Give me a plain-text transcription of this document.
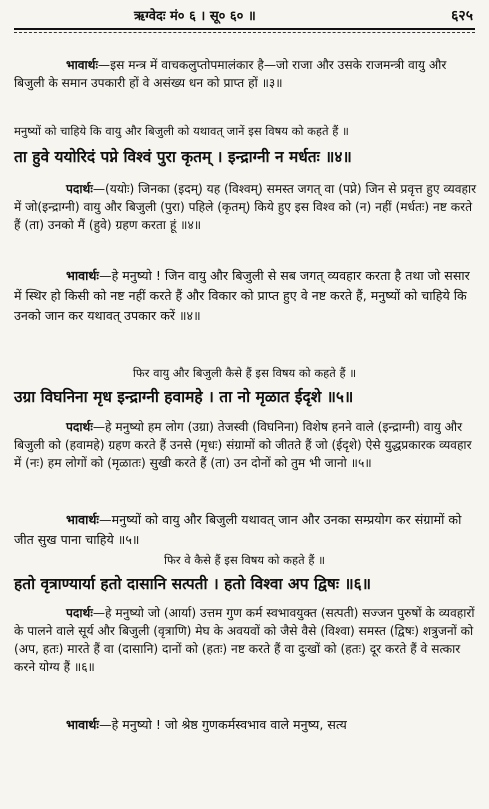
ऋग्वेदः मं० ६ । सू० ६० ॥	६२५
भावार्थः—इस मन्त्र में वाचकलुप्तोपमालंकार है—जो राजा और उसके राजमन्त्री वायु और बिजुली के समान उपकारी हों वे असंख्य धन को प्राप्त हों ॥३॥
मनुष्यों को चाहिये कि वायु और बिजुली को यथावत् जानें इस विषय को कहते हैं ॥
ता हुवे ययोरिदं पप्ने विश्वं पुरा कृतम् । इन्द्राग्नी न मर्धतः ॥४॥
पदार्थः—(ययोः) जिनका (इदम्) यह (विश्वम्) समस्त जगत् वा (पप्ने) जिन से प्रवृत्त हुए व्यवहार में जो(इन्द्राग्नी) वायु और बिजुली (पुरा) पहिले (कृतम्) किये हुए इस विश्व को (न) नहीं (मर्धतः) नष्ट करते हैं (ता) उनको मैं (हुवे) ग्रहण करता हूं ॥४॥
भावार्थः—हे मनुष्यो ! जिन वायु और बिजुली से सब जगत् व्यवहार करता है तथा जो ससार में स्थिर हो किसी को नष्ट नहीं करते हैं और विकार को प्राप्त हुए वे नष्ट करते हैं, मनुष्यों को चाहिये कि उनको जान कर यथावत् उपकार करें ॥४॥
फिर वायु और बिजुली कैसे हैं इस विषय को कहते हैं ॥
उग्रा विघनिना मृध इन्द्राग्नी हवामहे । ता नो मृळात ईदृशे ॥५॥
पदार्थः—हे मनुष्यो हम लोग (उग्रा) तेजस्वी (विघनिना) विशेष हनने वाले (इन्द्राग्नी) वायु और बिजुली को (हवामहे) ग्रहण करते हैं उनसे (मृधः) संग्रामों को जीतते हैं जो (ईदृशे) ऐसे युद्धप्रकारक व्यवहार में (नः) हम लोगों को (मृळातः) सुखी करते हैं (ता) उन दोनों को तुम भी जानो ॥५॥
भावार्थः—मनुष्यों को वायु और बिजुली यथावत् जान और उनका सम्प्रयोग कर संग्रामों को जीत सुख पाना चाहिये ॥५॥
फिर वे कैसे हैं इस विषय को कहते हैं ॥
हतो वृत्राण्यार्या हतो दासानि सत्पती । हतो विश्वा अप द्विषः ॥६॥
पदार्थः—हे मनुष्यो जो (आर्या) उत्तम गुण कर्म स्वभावयुक्त (सत्पती) सज्जन पुरुषों के व्यवहारों के पालने वाले सूर्य और बिजुली (वृत्राणि) मेघ के अवयवों को जैसे वैसे (विश्वा) समस्त (द्विषः) शत्रुजनों को (अप, हतः) मारते हैं वा (दासानि) दानों को (हतः) नष्ट करते हैं वा दुःखों को (हतः) दूर करते हैं वे सत्कार करने योग्य हैं ॥६॥
भावार्थः—हे मनुष्यो ! जो श्रेष्ठ गुणकर्मस्वभाव वाले मनुष्य, सत्य
